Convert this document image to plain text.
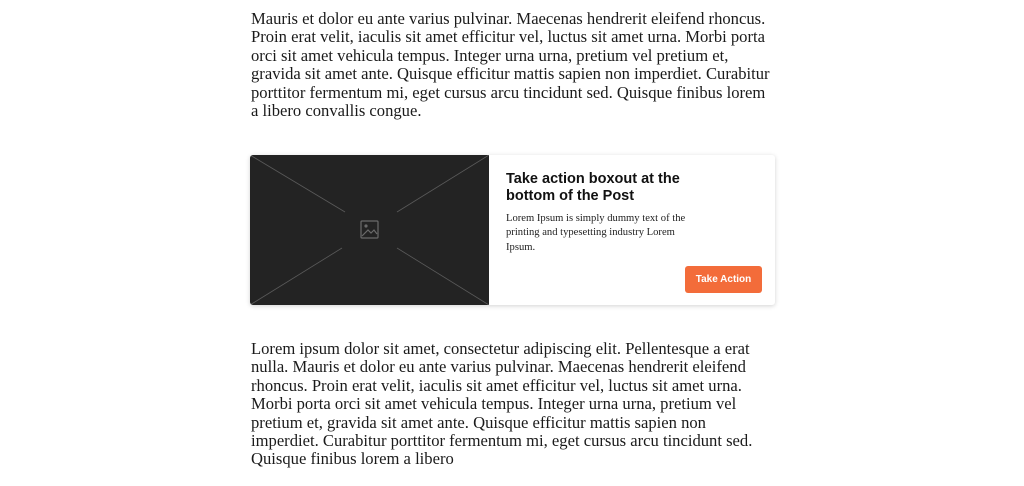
Mauris et dolor eu ante varius pulvinar. Maecenas hendrerit eleifend rhoncus. Proin erat velit, iaculis sit amet efficitur vel, luctus sit amet urna. Morbi porta orci sit amet vehicula tempus. Integer urna urna, pretium vel pretium et, gravida sit amet ante. Quisque efficitur mattis sapien non imperdiet. Curabitur porttitor fermentum mi, eget cursus arcu tincidunt sed. Quisque finibus lorem a libero convallis congue.

Take action boxout at the bottom of the Post

Lorem Ipsum is simply dummy text of the printing and typesetting industry Lorem Ipsum.

Take Action

Lorem ipsum dolor sit amet, consectetur adipiscing elit. Pellentesque a erat nulla. Mauris et dolor eu ante varius pulvinar. Maecenas hendrerit eleifend rhoncus. Proin erat velit, iaculis sit amet efficitur vel, luctus sit amet urna. Morbi porta orci sit amet vehicula tempus. Integer urna urna, pretium vel pretium et, gravida sit amet ante. Quisque efficitur mattis sapien non imperdiet. Curabitur porttitor fermentum mi, eget cursus arcu tincidunt sed. Quisque finibus lorem a libero
